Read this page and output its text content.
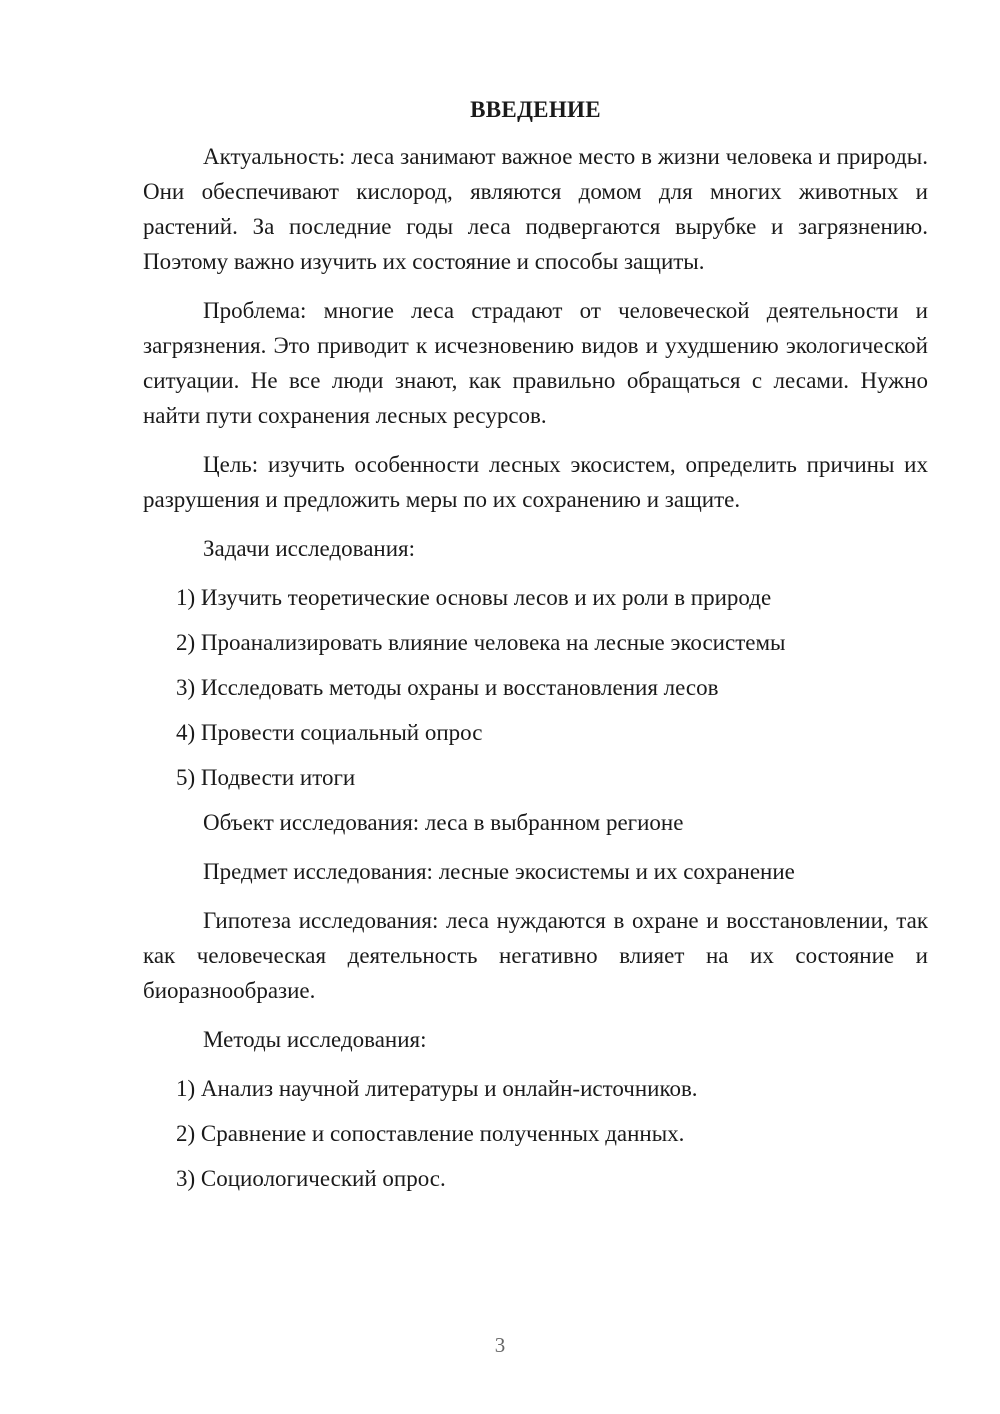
ВВЕДЕНИЕ

Актуальность: леса занимают важное место в жизни человека и природы. Они обеспечивают кислород, являются домом для многих животных и растений. За последние годы леса подвергаются вырубке и загрязнению. Поэтому важно изучить их состояние и способы защиты.

Проблема: многие леса страдают от человеческой деятельности и загрязнения. Это приводит к исчезновению видов и ухудшению экологической ситуации. Не все люди знают, как правильно обращаться с лесами. Нужно найти пути сохранения лесных ресурсов.

Цель: изучить особенности лесных экосистем, определить причины их разрушения и предложить меры по их сохранению и защите.

Задачи исследования:

1) Изучить теоретические основы лесов и их роли в природе
2) Проанализировать влияние человека на лесные экосистемы
3) Исследовать методы охраны и восстановления лесов
4) Провести социальный опрос
5) Подвести итоги

Объект исследования: леса в выбранном регионе

Предмет исследования: лесные экосистемы и их сохранение

Гипотеза исследования: леса нуждаются в охране и восстановлении, так как человеческая деятельность негативно влияет на их состояние и биоразнообразие.

Методы исследования:

1) Анализ научной литературы и онлайн-источников.
2) Сравнение и сопоставление полученных данных.
3) Социологический опрос.
3
